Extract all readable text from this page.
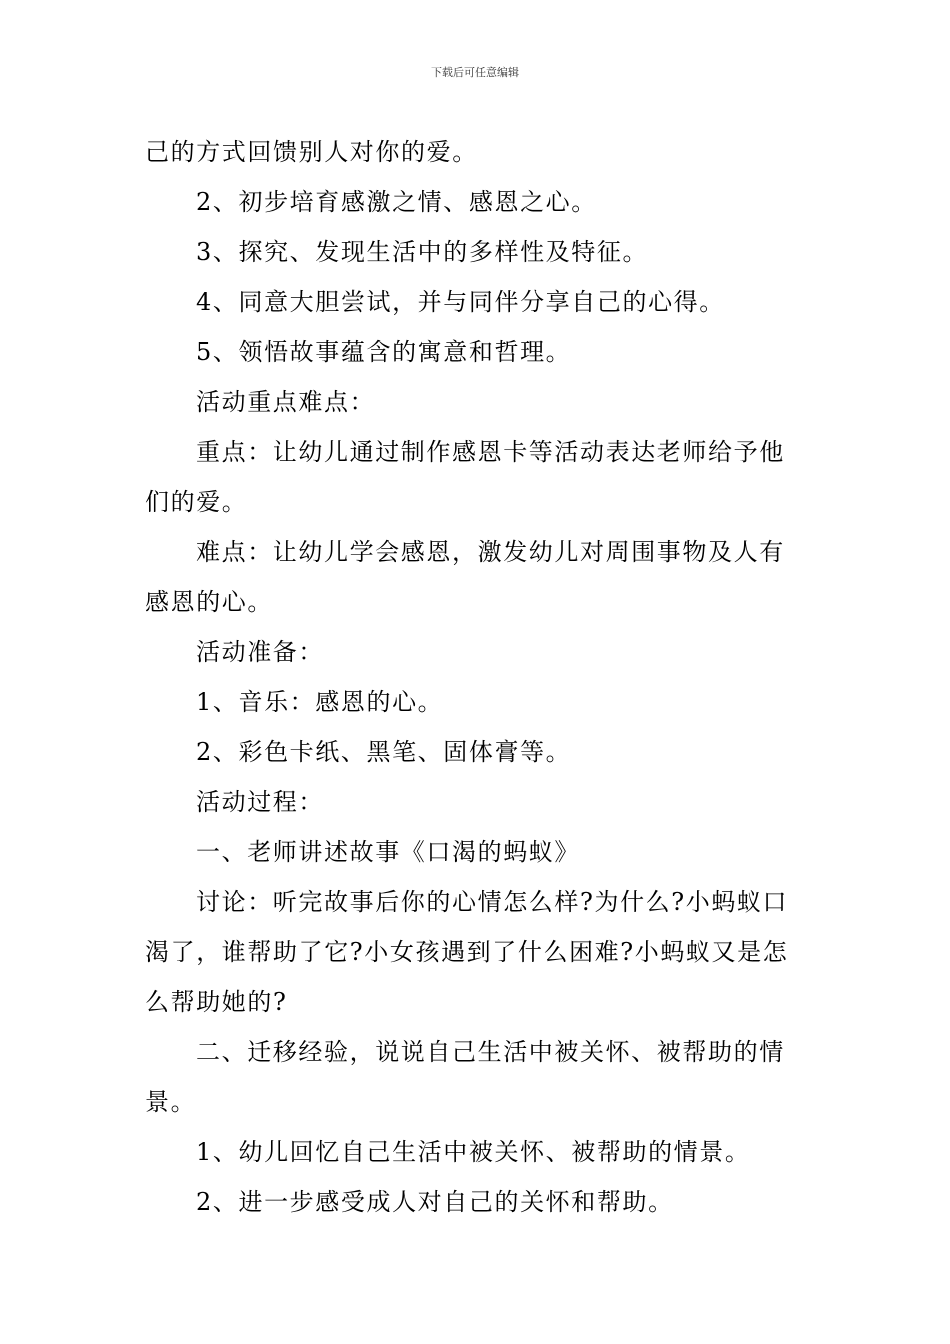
下载后可任意编辑

己的方式回馈别人对你的爱。

2、初步培育感激之情、感恩之心。

3、探究、发现生活中的多样性及特征。

4、同意大胆尝试，并与同伴分享自己的心得。

5、领悟故事蕴含的寓意和哲理。

活动重点难点：

重点：让幼儿通过制作感恩卡等活动表达老师给予他们的爱。

难点：让幼儿学会感恩，激发幼儿对周围事物及人有感恩的心。

活动准备：

1、音乐：感恩的心。

2、彩色卡纸、黑笔、固体膏等。

活动过程：

一、老师讲述故事《口渴的蚂蚁》

讨论：听完故事后你的心情怎么样?为什么?小蚂蚁口渴了，谁帮助了它?小女孩遇到了什么困难?小蚂蚁又是怎么帮助她的?

二、迁移经验，说说自己生活中被关怀、被帮助的情景。

1、幼儿回忆自己生活中被关怀、被帮助的情景。

2、进一步感受成人对自己的关怀和帮助。
